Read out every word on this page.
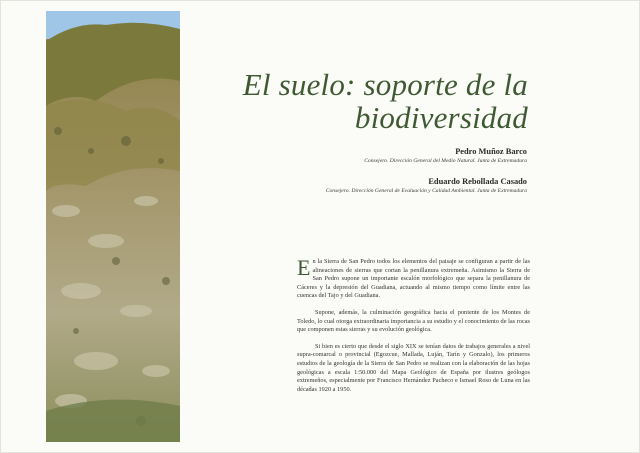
El suelo: soporte de la
biodiversidad
Pedro Muñoz Barco
Consejero. Dirección General del Medio Natural. Junta de Extremadura
Eduardo Rebollada Casado
Consejero. Dirección General de Evaluación y Calidad Ambiental. Junta de Extremadura

En la Sierra de San Pedro todos los elementos del paisaje se configuran a partir de las alineaciones de sierras que cortan la penillanura extremeña. Asimismo la Sierra de San Pedro supone un importante escalón morfológico que separa la penillanura de Cáceres y la depresión del Guadiana, actuando al mismo tiempo como límite entre las cuencas del Tajo y del Guadiana.

Supone, además, la culminación geográfica hacia el poniente de los Montes de Toledo, lo cual otorga extraordinaria importancia a su estudio y el conocimiento de las rocas que componen estas sierras y su evolución geológica.

Si bien es cierto que desde el siglo XIX se tenían datos de trabajos generales a nivel supra-comarcal o provincial (Egozcue, Mallada, Luján, Tarín y Gonzalo), los primeros estudios de la geología de la Sierra de San Pedro se realizan con la elaboración de las hojas geológicas a escala 1:50.000 del Mapa Geológico de España por ilustres geólogos extremeños, especialmente por Francisco Hernández Pacheco e Ismael Roso de Luna en las décadas 1920 a 1950.
